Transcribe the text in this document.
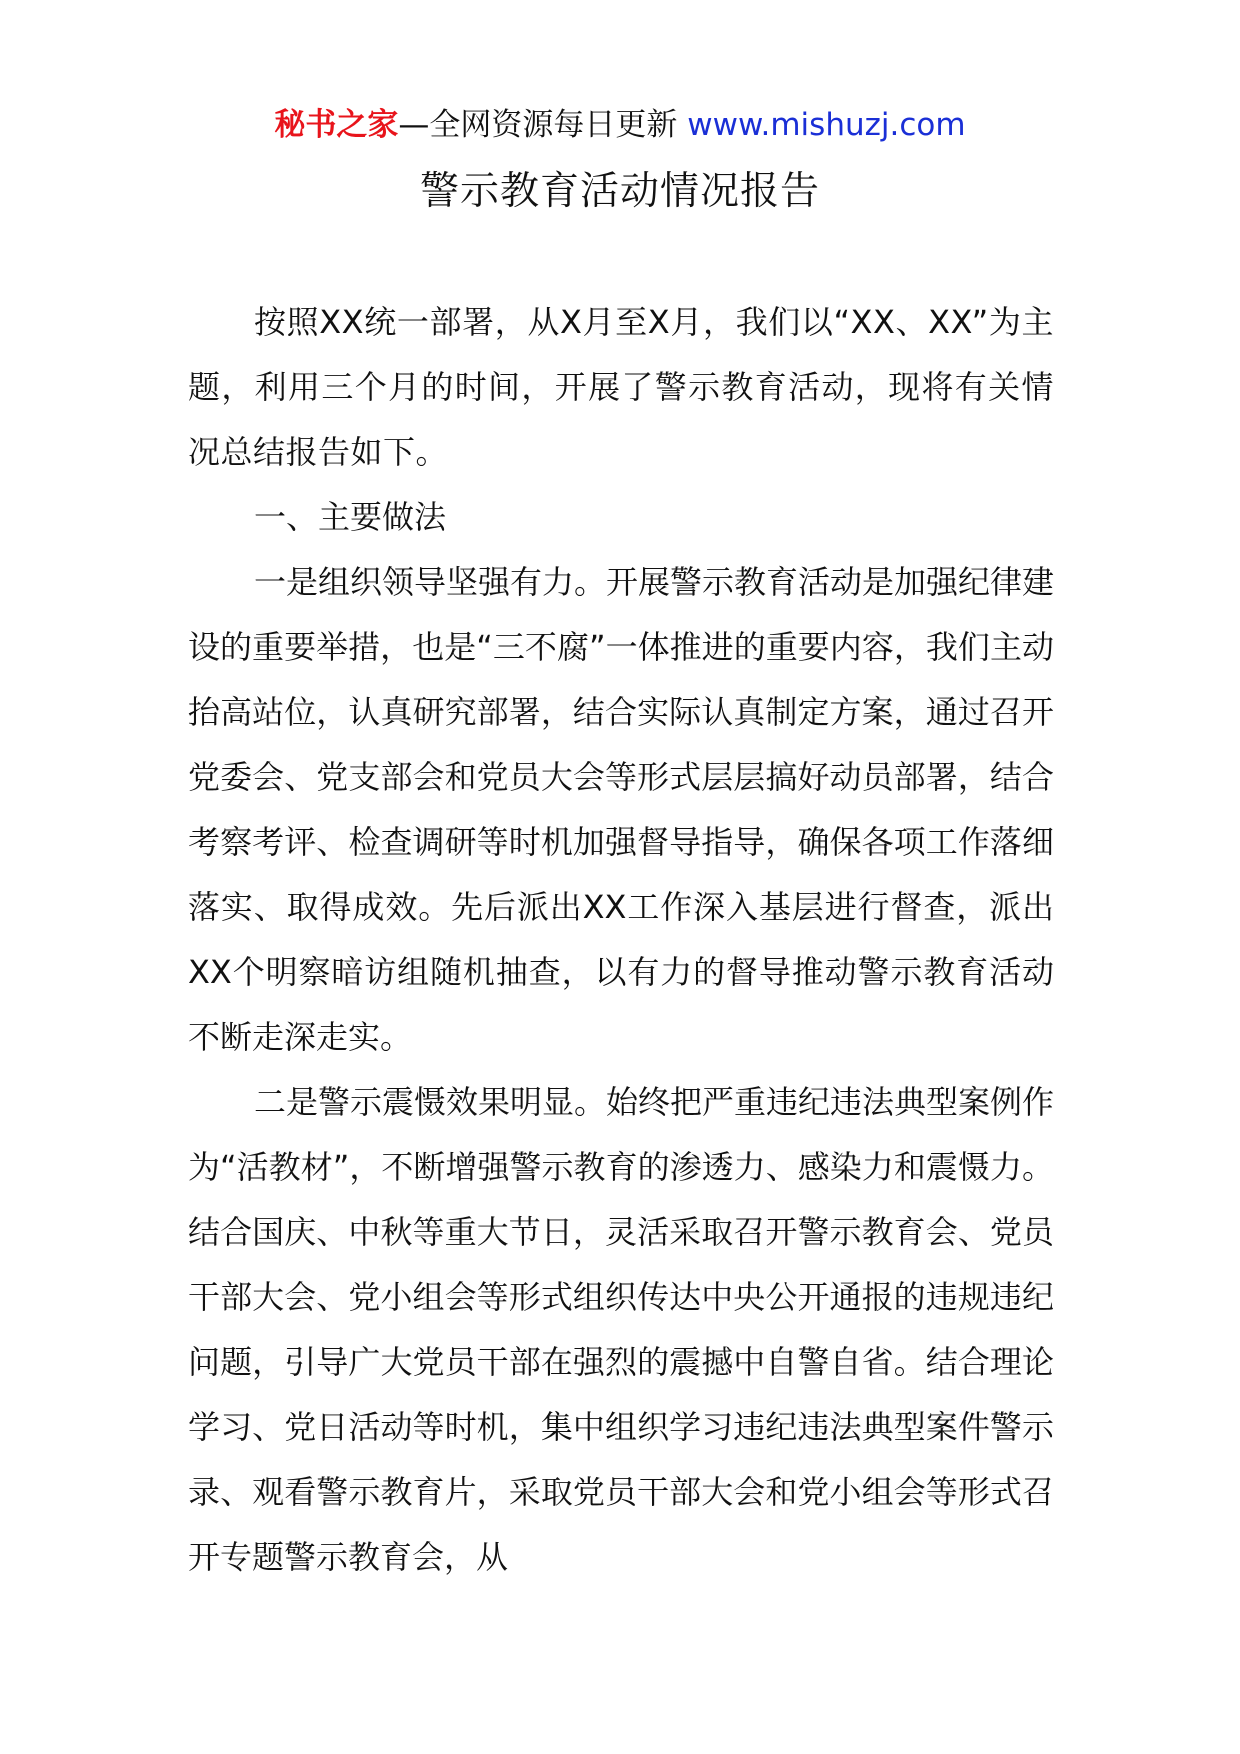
秘书之家—全网资源每日更新 www.mishuzj.com
警示教育活动情况报告

按照XX统一部署，从X月至X月，我们以“XX、XX”为主题，利用三个月的时间，开展了警示教育活动，现将有关情况总结报告如下。

一、主要做法

一是组织领导坚强有力。开展警示教育活动是加强纪律建设的重要举措，也是“三不腐”一体推进的重要内容，我们主动抬高站位，认真研究部署，结合实际认真制定方案，通过召开党委会、党支部会和党员大会等形式层层搞好动员部署，结合考察考评、检查调研等时机加强督导指导，确保各项工作落细落实、取得成效。先后派出XX工作深入基层进行督查，派出XX个明察暗访组随机抽查，以有力的督导推动警示教育活动不断走深走实。

二是警示震慑效果明显。始终把严重违纪违法典型案例作为“活教材”，不断增强警示教育的渗透力、感染力和震慑力。结合国庆、中秋等重大节日，灵活采取召开警示教育会、党员干部大会、党小组会等形式组织传达中央公开通报的违规违纪问题，引导广大党员干部在强烈的震撼中自警自省。结合理论学习、党日活动等时机，集中组织学习违纪违法典型案件警示录、观看警示教育片，采取党员干部大会和党小组会等形式召开专题警示教育会，从
